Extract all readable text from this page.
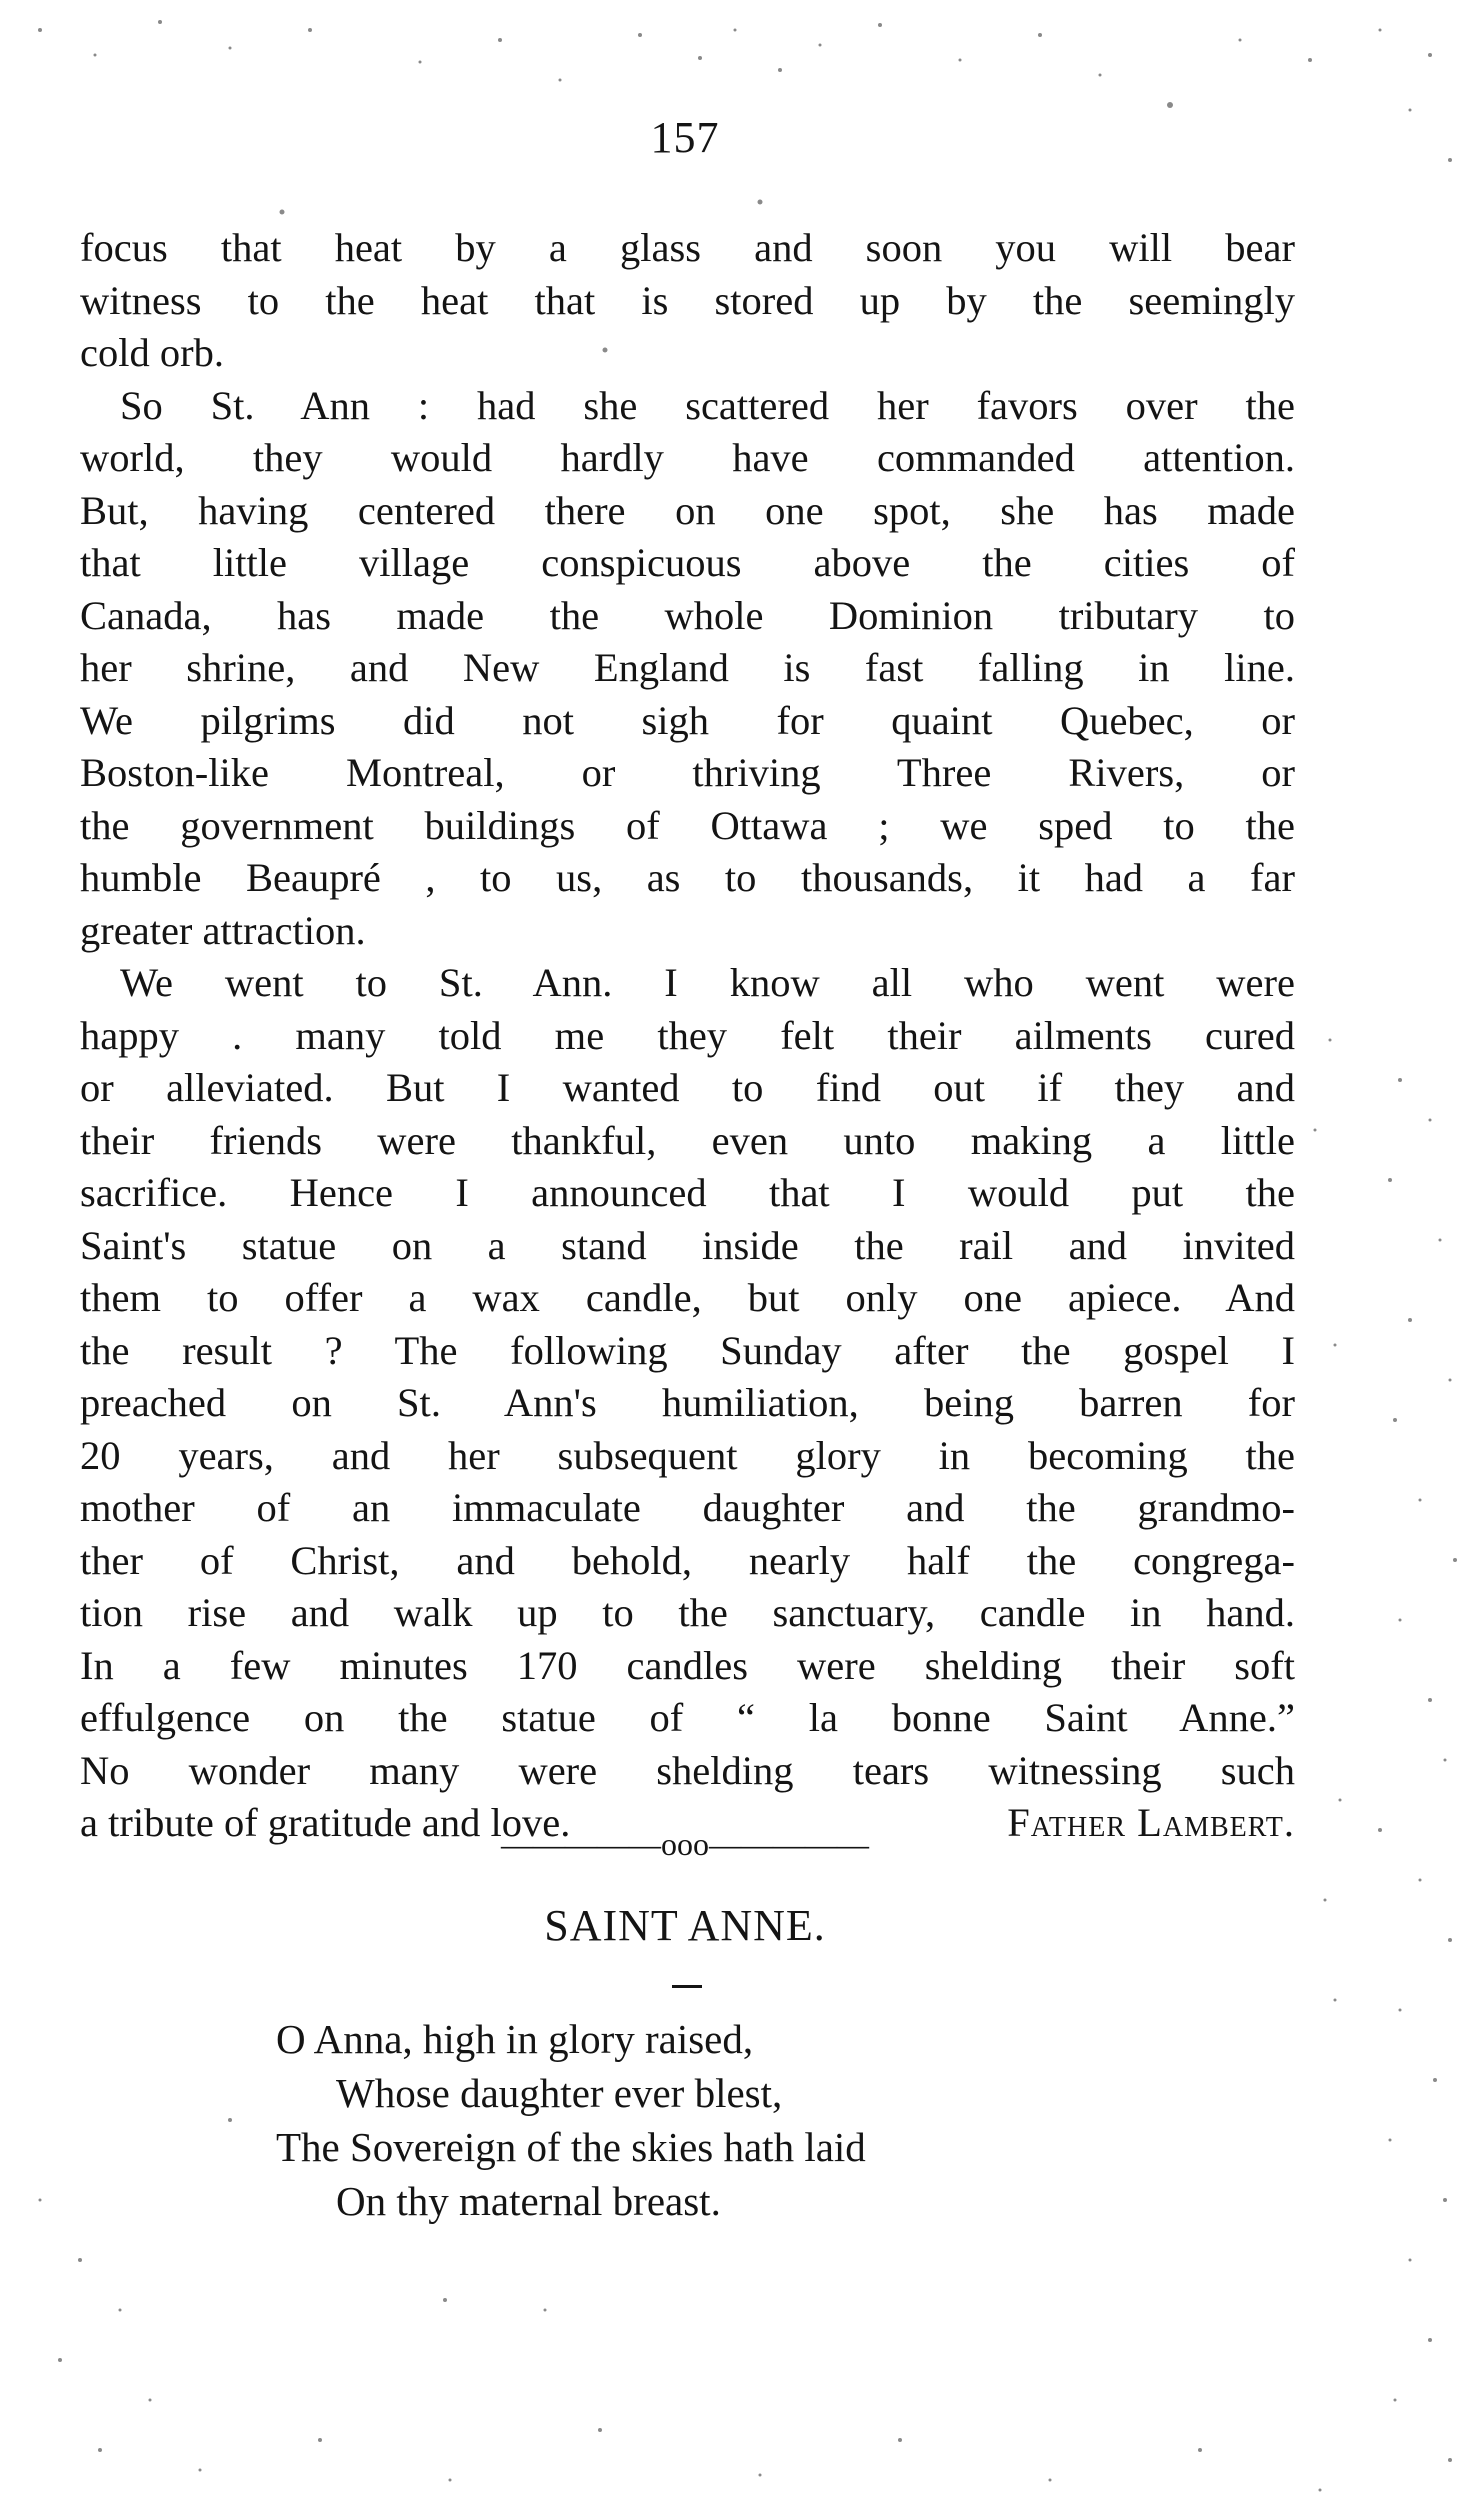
157
focus that heat by a glass and soon you will bear
witness to the heat that is stored up by the seemingly
cold orb.
So St. Ann : had she scattered her favors over the
world, they would hardly have commanded attention.
But, having centered there on one spot, she has made
that little village conspicuous above the cities of
Canada, has made the whole Dominion tributary to
her shrine, and New England is fast falling in line.
We pilgrims did not sigh for quaint Quebec, or
Boston-like Montreal, or thriving Three Rivers, or
the government buildings of Ottawa ; we sped to the
humble Beaupré , to us, as to thousands, it had a far
greater attraction.
We went to St. Ann. I know all who went were
happy . many told me they felt their ailments cured
or alleviated. But I wanted to find out if they and
their friends were thankful, even unto making a little
sacrifice. Hence I announced that I would put the
Saint's statue on a stand inside the rail and invited
them to offer a wax candle, but only one apiece. And
the result ? The following Sunday after the gospel I
preached on St. Ann's humiliation, being barren for
20 years, and her subsequent glory in becoming the
mother of an immaculate daughter and the grandmo-
ther of Christ, and behold, nearly half the congrega-
tion rise and walk up to the sanctuary, candle in hand.
In a few minutes 170 candles were shelding their soft
effulgence on the statue of “ la bonne Saint Anne.”
No wonder many were shelding tears witnessing such
a tribute of gratitude and love.	Father Lambert.
—————ooo—————
SAINT ANNE.
O Anna, high in glory raised,
Whose daughter ever blest,
The Sovereign of the skies hath laid
On thy maternal breast.
